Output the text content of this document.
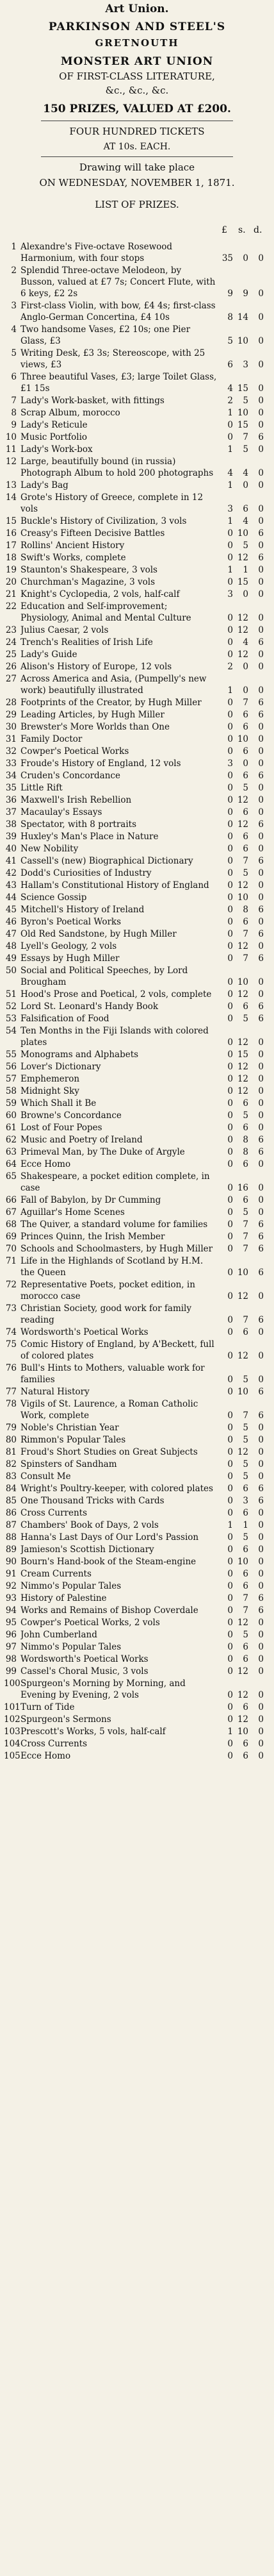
Art Union.
PARKINSON AND STEEL'S
GRETNOUTH
MONSTER ART UNION
OF FIRST-CLASS LITERATURE,
&c., &c., &c.
150 PRIZES, VALUED AT £200.
FOUR HUNDRED TICKETS
AT 10s. EACH.
Drawing will take place
ON WEDNESDAY, NOVEMBER 1, 1871.
LIST OF PRIZES.
£ s. d.
1 Alexandre's Five-octave Rosewood Harmonium, with four stops	35	0	0
2 Splendid Three-octave Melodeon, by Busson, valued at £7 7s; Concert Flute, with 6 keys, £2 2s	9	9	0
3 First-class Violin, with bow, £4 4s; first-class Anglo-German Concertina, £4 10s	8 14	0
4 Two handsome Vases, £2 10s; one Pier Glass, £3	5 10	0
5 Writing Desk, £3 3s; Stereoscope, with 25 views, £3	6	3	0
6 Three beautiful Vases, £3; large Toilet Glass, £1 15s	4 15	0
7 Lady's Work-basket, with fittings	2	5	0
8 Scrap Album, morocco	1 10	0
9 Lady's Reticule	0 15	0
10 Music Portfolio	0	7	6
11 Lady's Work-box	1	5	0
12 Large, beautifully bound (in russia) Photograph Album to hold 200 photographs	4	4	0
13 Lady's Bag	1	0	0
14 Grote's History of Greece, complete in 12 vols	3	6	0
15 Buckle's History of Civilization, 3 vols	1	4	0
16 Creasy's Fifteen Decisive Battles	0 10	6
17 Rollins' Ancient History	0	5	0
18 Swift's Works, complete	0 12	6
19 Staunton's Shakespeare, 3 vols	1	1	0
20 Churchman's Magazine, 3 vols	0 15	0
21 Knight's Cyclopedia, 2 vols, half-calf	3	0	0
22 Education and Self-improvement; Physiology, Animal and Mental Culture	0 12	0
23 Julius Caesar, 2 vols	0 12	0
24 Trench's Realities of Irish Life	0	4	6
25 Lady's Guide	0 12	0
26 Alison's History of Europe, 12 vols	2	0	0
27 Across America and Asia, (Pumpelly's new work) beautifully illustrated	1	0	0
28 Footprints of the Creator, by Hugh Miller	0	7	6
29 Leading Articles, by Hugh Miller	0	6	6
30 Brewster's More Worlds than One	0	6	0
31 Family Doctor	0 10	0
32 Cowper's Poetical Works	0	6	0
33 Froude's History of England, 12 vols	3	0	0
34 Cruden's Concordance	0	6	6
35 Little Rift	0	5	0
36 Maxwell's Irish Rebellion	0 12	0
37 Macaulay's Essays	0	6	0
38 Spectator, with 8 portraits	0 12	6
39 Huxley's Man's Place in Nature	0	6	0
40 New Nobility	0	6	0
41 Cassell's (new) Biographical Dictionary	0	7	6
42 Dodd's Curiosities of Industry	0	5	0
43 Hallam's Constitutional History of England	0 12	0
44 Science Gossip	0 10	0
45 Mitchell's History of Ireland	0	8	6
46 Byron's Poetical Works	0	6	0
47 Old Red Sandstone, by Hugh Miller	0	7	6
48 Lyell's Geology, 2 vols	0 12	0
49 Essays by Hugh Miller	0	7	6
50 Social and Political Speeches, by Lord Brougham	0 10	0
51 Hood's Prose and Poetical, 2 vols, complete	0 12	0
52 Lord St. Leonard's Handy Book	0	6	6
53 Falsification of Food	0	5	6
54 Ten Months in the Fiji Islands with colored plates	0 12	0
55 Monograms and Alphabets	0 15	0
56 Lover's Dictionary	0 12	0
57 Emphemeron	0 12	0
58 Midnight Sky	0 12	0
59 Which Shall it Be	0	6	0
60 Browne's Concordance	0	5	0
61 Lost of Four Popes	0	6	0
62 Music and Poetry of Ireland	0	8	6
63 Primeval Man, by The Duke of Argyle	0	8	6
64 Ecce Homo	0	6	0
65 Shakespeare, a pocket edition complete, in case	0 16	0
66 Fall of Babylon, by Dr Cumming	0	6	0
67 Aguillar's Home Scenes	0	5	0
68 The Quiver, a standard volume for families	0	7	6
69 Princes Quinn, the Irish Member	0	7	6
70 Schools and Schoolmasters, by Hugh Miller	0	7	6
71 Life in the Highlands of Scotland by H.M. the Queen	0 10	6
72 Representative Poets, pocket edition, in morocco case	0 12	0
73 Christian Society, good work for family reading	0	7	6
74 Wordsworth's Poetical Works	0	6	0
75 Comic History of England, by A'Beckett, full of colored plates	0 12	0
76 Bull's Hints to Mothers, valuable work for families	0	5	0
77 Natural History	0 10	6
78 Vigils of St. Laurence, a Roman Catholic Work, complete	0	7	6
79 Noble's Christian Year	0	5	0
80 Rimmon's Popular Tales	0	5	0
81 Froud's Short Studies on Great Subjects	0 12	0
82 Spinsters of Sandham	0	5	0
83 Consult Me	0	5	0
84 Wright's Poultry-keeper, with colored plates	0	6	6
85 One Thousand Tricks with Cards	0	3	6
86 Cross Currents	0	6	0
87 Chambers' Book of Days, 2 vols	1	1	0
88 Hanna's Last Days of Our Lord's Passion	0	5	0
89 Jamieson's Scottish Dictionary	0	6	0
90 Bourn's Hand-book of the Steam-engine	0 10	0
91 Cream Currents	0	6	0
92 Nimmo's Popular Tales	0	6	0
93 History of Palestine	0	7	6
94 Works and Remains of Bishop Coverdale	0	7	6
95 Cowper's Poetical Works, 2 vols	0 12	0
96 John Cumberland	0	5	0
97 Nimmo's Popular Tales	0	6	0
98 Wordsworth's Poetical Works	0	6	0
99 Cassel's Choral Music, 3 vols	0 12	0
100 Spurgeon's Morning by Morning, and Evening by Evening, 2 vols	0 12	0
101 Turn of Tide	0	6	0
102 Spurgeon's Sermons	0 12	0
103 Prescott's Works, 5 vols, half-calf	1 10	0
104 Cross Currents	0	6	0
105 Ecce Homo	0	6	0
